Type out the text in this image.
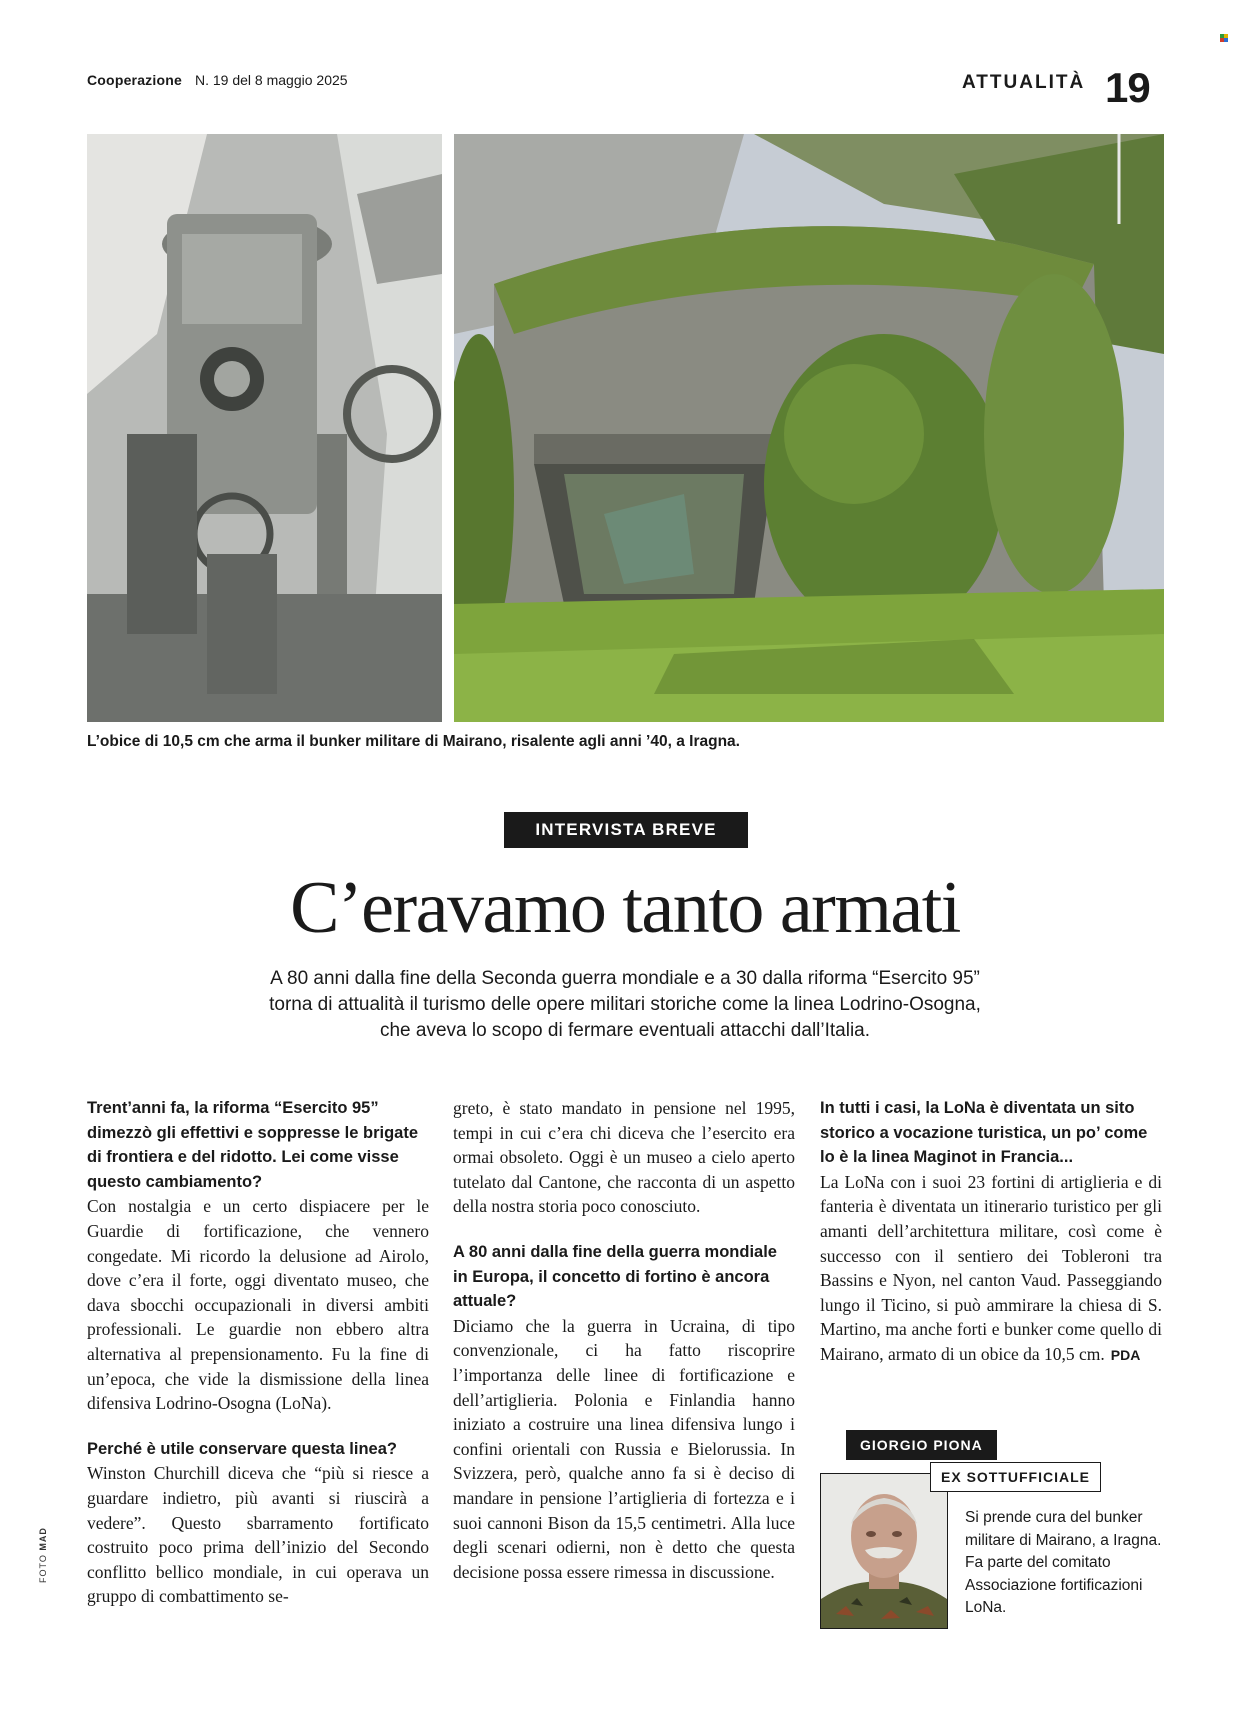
Cooperazione N. 19 del 8 maggio 2025	ATTUALITÀ 19
L’obice di 10,5 cm che arma il bunker militare di Mairano, risalente agli anni ’40, a Iragna.
INTERVISTA BREVE
C’eravamo tanto armati
A 80 anni dalla fine della Seconda guerra mondiale e a 30 dalla riforma “Esercito 95”
torna di attualità il turismo delle opere militari storiche come la linea Lodrino-Osogna,
che aveva lo scopo di fermare eventuali attacchi dall’Italia.

Trent’anni fa, la riforma “Esercito 95” dimezzò gli effettivi e soppresse le brigate di frontiera e del ridotto. Lei come visse questo cambiamento?

Con nostalgia e un certo dispiacere per le Guardie di fortificazione, che vennero congedate. Mi ricordo la delusione ad Airolo, dove c’era il forte, oggi diventato museo, che dava sbocchi occupazionali in diversi ambiti professionali. Le guardie non ebbero altra alternativa al prepensionamento. Fu la fine di un’epoca, che vide la dismissione della linea difensiva Lodrino-Osogna (LoNa).

Perché è utile conservare questa linea?

Winston Churchill diceva che “più si riesce a guardare indietro, più avanti si riuscirà a vedere”. Questo sbarramento fortificato costruito poco prima dell’inizio del Secondo conflitto bellico mondiale, in cui operava un gruppo di combattimento se-

greto, è stato mandato in pensione nel 1995, tempi in cui c’era chi diceva che l’esercito era ormai obsoleto. Oggi è un museo a cielo aperto tutelato dal Cantone, che racconta di un aspetto della nostra storia poco conosciuto.

A 80 anni dalla fine della guerra mondiale in Europa, il concetto di fortino è ancora attuale?

Diciamo che la guerra in Ucraina, di tipo convenzionale, ci ha fatto riscoprire l’importanza delle linee di fortificazione e dell’artiglieria. Polonia e Finlandia hanno iniziato a costruire una linea difensiva lungo i confini orientali con Russia e Bielorussia. In Svizzera, però, qualche anno fa si è deciso di mandare in pensione l’artiglieria di fortezza e i suoi cannoni Bison da 15,5 centimetri. Alla luce degli scenari odierni, non è detto che questa decisione possa essere rimessa in discussione.

In tutti i casi, la LoNa è diventata un sito storico a vocazione turistica, un po’ come lo è la linea Maginot in Francia...

La LoNa con i suoi 23 fortini di artiglieria e di fanteria è diventata un itinerario turistico per gli amanti dell’architettura militare, così come è successo con il sentiero dei Tobleroni tra Bassins e Nyon, nel canton Vaud. Passeggiando lungo il Ticino, si può ammirare la chiesa di S. Martino, ma anche forti e bunker come quello di Mairano, armato di un obice da 10,5 cm. PDA

GIORGIO PIONA
EX SOTTUFFICIALE
Si prende cura del bunker militare di Mairano, a Iragna. Fa parte del comitato Associazione fortificazioni LoNa.
FOTO MAD
